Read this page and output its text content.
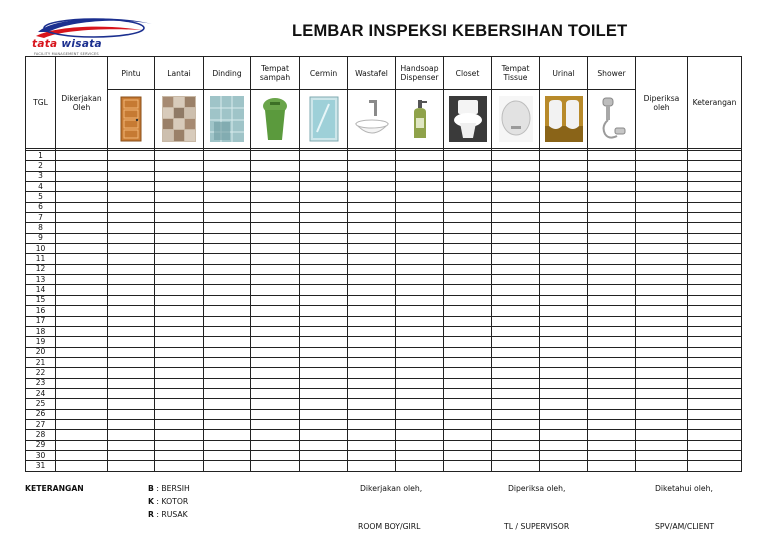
tata wisata
FACILITY MANAGEMENT SERVICES
LEMBAR INSPEKSI KEBERSIHAN TOILET
TGL	Dikerjakan Oleh	Pintu	Lantai	Dinding	Tempat sampah	Cermin	Wastafel	Handsoap Dispenser	Closet	Tempat Tissue	Urinal	Shower	Diperiksa oleh	Keterangan

1														
2														
3														
4														
5														
6														
7														
8														
9														
10														
11														
12														
13														
14														
15														
16														
17														
18														
19														
20														
21														
22														
23														
24														
25														
26														
27														
28														
29														
30														
31														
KETERANGAN	B : BERSIH
K : KOTOR
R : RUSAK
Dikerjakan oleh,	Diperiksa oleh,	Diketahui oleh,
ROOM BOY/GIRL	TL / SUPERVISOR	SPV/AM/CLIENT
